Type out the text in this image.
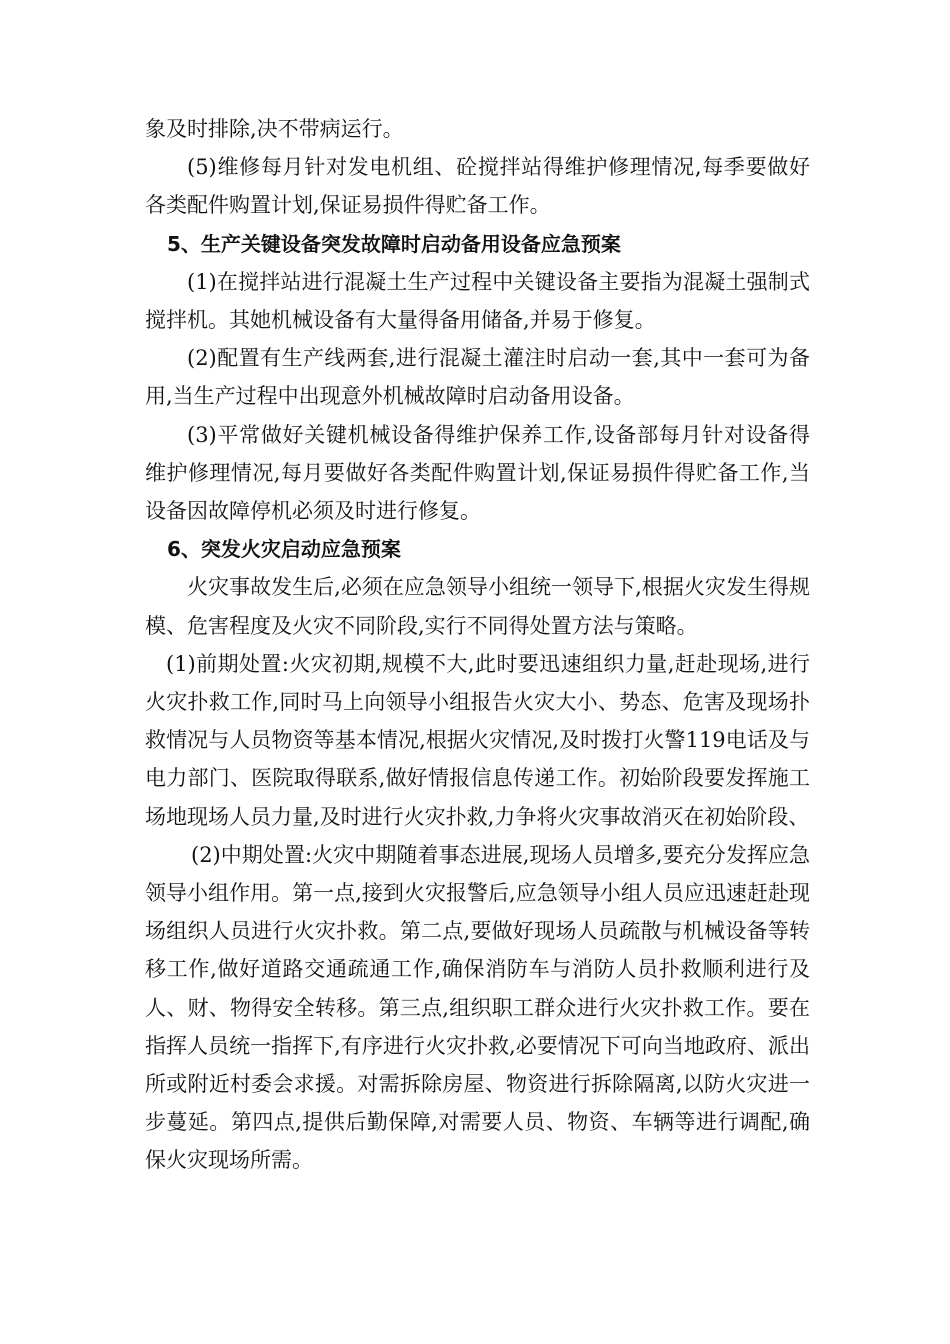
象及时排除,决不带病运行。

(5)维修每月针对发电机组、砼搅拌站得维护修理情况,每季要做好各类配件购置计划,保证易损件得贮备工作。

5、生产关键设备突发故障时启动备用设备应急预案

(1)在搅拌站进行混凝土生产过程中关键设备主要指为混凝土强制式搅拌机。其她机械设备有大量得备用储备,并易于修复。

(2)配置有生产线两套,进行混凝土灌注时启动一套,其中一套可为备用,当生产过程中出现意外机械故障时启动备用设备。

(3)平常做好关键机械设备得维护保养工作,设备部每月针对设备得维护修理情况,每月要做好各类配件购置计划,保证易损件得贮备工作,当设备因故障停机必须及时进行修复。

6、突发火灾启动应急预案

火灾事故发生后,必须在应急领导小组统一领导下,根据火灾发生得规模、危害程度及火灾不同阶段,实行不同得处置方法与策略。

(1)前期处置:火灾初期,规模不大,此时要迅速组织力量,赶赴现场,进行火灾扑救工作,同时马上向领导小组报告火灾大小、势态、危害及现场扑救情况与人员物资等基本情况,根据火灾情况,及时拨打火警119电话及与电力部门、医院取得联系,做好情报信息传递工作。初始阶段要发挥施工场地现场人员力量,及时进行火灾扑救,力争将火灾事故消灭在初始阶段、

(2)中期处置:火灾中期随着事态进展,现场人员增多,要充分发挥应急领导小组作用。第一点,接到火灾报警后,应急领导小组人员应迅速赶赴现场组织人员进行火灾扑救。第二点,要做好现场人员疏散与机械设备等转移工作,做好道路交通疏通工作,确保消防车与消防人员扑救顺利进行及人、财、物得安全转移。第三点,组织职工群众进行火灾扑救工作。要在指挥人员统一指挥下,有序进行火灾扑救,必要情况下可向当地政府、派出所或附近村委会求援。对需拆除房屋、物资进行拆除隔离,以防火灾进一步蔓延。第四点,提供后勤保障,对需要人员、物资、车辆等进行调配,确保火灾现场所需。
